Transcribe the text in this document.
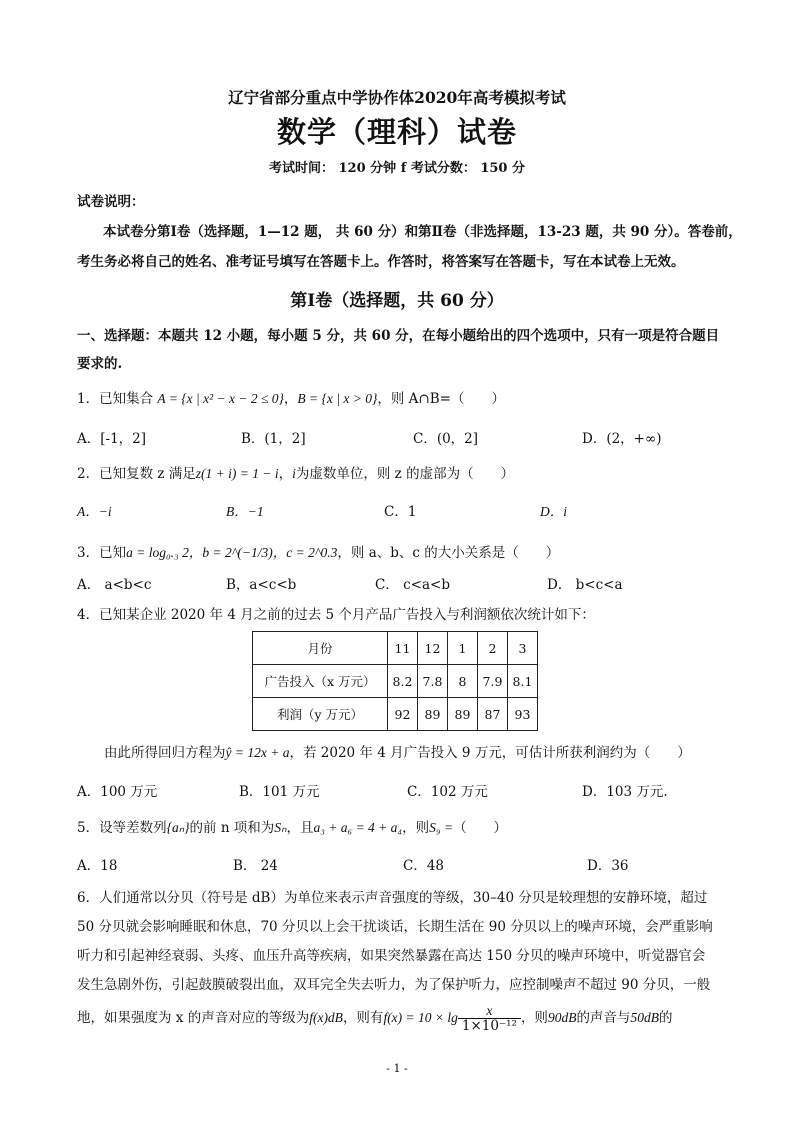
辽宁省部分重点中学协作体2020年高考模拟考试
数学（理科）试卷
考试时间： 120 分钟 f 考试分数： 150 分
试卷说明：
本试卷分第Ⅰ卷（选择题，1—12 题， 共 60 分）和第Ⅱ卷（非选择题，13-23 题，共 90 分）。答卷前，
考生务必将自己的姓名、准考证号填写在答题卡上。作答时，将答案写在答题卡，写在本试卷上无效。
第Ⅰ卷（选择题，共 60 分）
一、选择题：本题共 12 小题，每小题 5 分，共 60 分，在每小题给出的四个选项中，只有一项是符合题目
要求的.
1．已知集合 A = {x | x² − x − 2 ≤ 0}，B = {x | x > 0}，则 A∩B=（　　）
A．[-1，2]	B．(1，2]	C．(0，2]	D．(2，+∞)
2．已知复数 z 满足z(1 + i) = 1 − i，i为虚数单位，则 z 的虚部为（　　）
A．−i	B．−1	C．1	D．i
3．已知a = log₀.₃ 2，b = 2^(−1/3)，c = 2^0.3，则 a、b、c 的大小关系是（　　）
A． a<b<c	B，a<c<b	C． c<a<b	D． b<c<a
4．已知某企业 2020 年 4 月之前的过去 5 个月产品广告投入与利润额依次统计如下：
月份	11	12	1	2	3
广告投入（x 万元）	8.2	7.8	8	7.9	8.1
利润（y 万元）	92	89	89	87	93
由此所得回归方程为ŷ = 12x + a，若 2020 年 4 月广告投入 9 万元，可估计所获利润约为（　　）
A．100 万元	B．101 万元	C．102 万元	D．103 万元.
5．设等差数列{aₙ}的前 n 项和为Sₙ，且a₃ + a₆ = 4 + a₄，则S₉ =（　　）
A．18	B． 24	C．48	D．36
6．人们通常以分贝（符号是 dB）为单位来表示声音强度的等级，30–40 分贝是较理想的安静环境，超过
50 分贝就会影响睡眠和休息，70 分贝以上会干扰谈话，长期生活在 90 分贝以上的噪声环境，会严重影响
听力和引起神经衰弱、头疼、血压升高等疾病，如果突然暴露在高达 150 分贝的噪声环境中，听觉器官会
发生急剧外伤，引起鼓膜破裂出血，双耳完全失去听力，为了保护听力，应控制噪声不超过 90 分贝，一般
地，如果强度为 x 的声音对应的等级为f(x)dB，则有$f(x) = 10 \times \lg \frac{x}{\text{1×10⁻¹²}}$ ，则90dB的声音与50dB的
- 1 -
